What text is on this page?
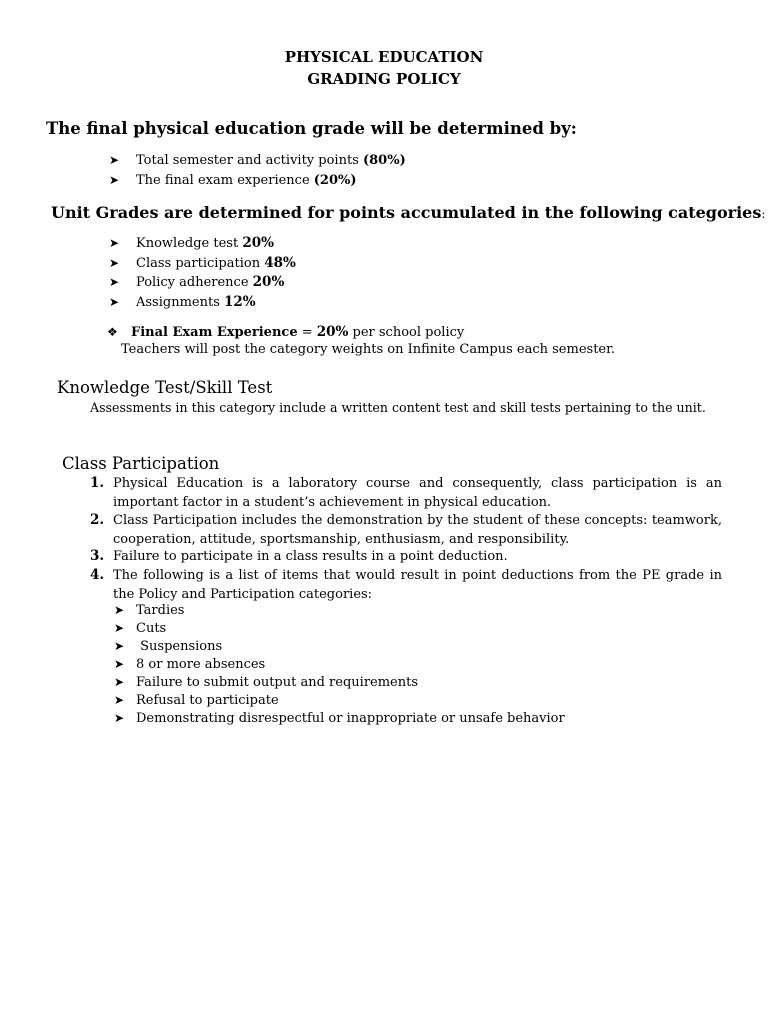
PHYSICAL EDUCATION
GRADING POLICY
The final physical education grade will be determined by:
➤ Total semester and activity points (80%)
➤ The final exam experience (20%)
Unit Grades are determined for points accumulated in the following categories:
➤ Knowledge test 20%
➤ Class participation 48%
➤ Policy adherence 20%
➤ Assignments 12%
❖ Final Exam Experience = 20% per school policy
Teachers will post the category weights on Infinite Campus each semester.
Knowledge Test/Skill Test
Assessments in this category include a written content test and skill tests pertaining to the unit.
Class Participation
1. Physical Education is a laboratory course and consequently, class participation is an important factor in a student’s achievement in physical education.
2. Class Participation includes the demonstration by the student of these concepts: teamwork, cooperation, attitude, sportsmanship, enthusiasm, and responsibility.
3. Failure to participate in a class results in a point deduction.
4. The following is a list of items that would result in point deductions from the PE grade in the Policy and Participation categories:
➤ Tardies
➤ Cuts
➤ Suspensions
➤ 8 or more absences
➤ Failure to submit output and requirements
➤ Refusal to participate
➤ Demonstrating disrespectful or inappropriate or unsafe behavior
